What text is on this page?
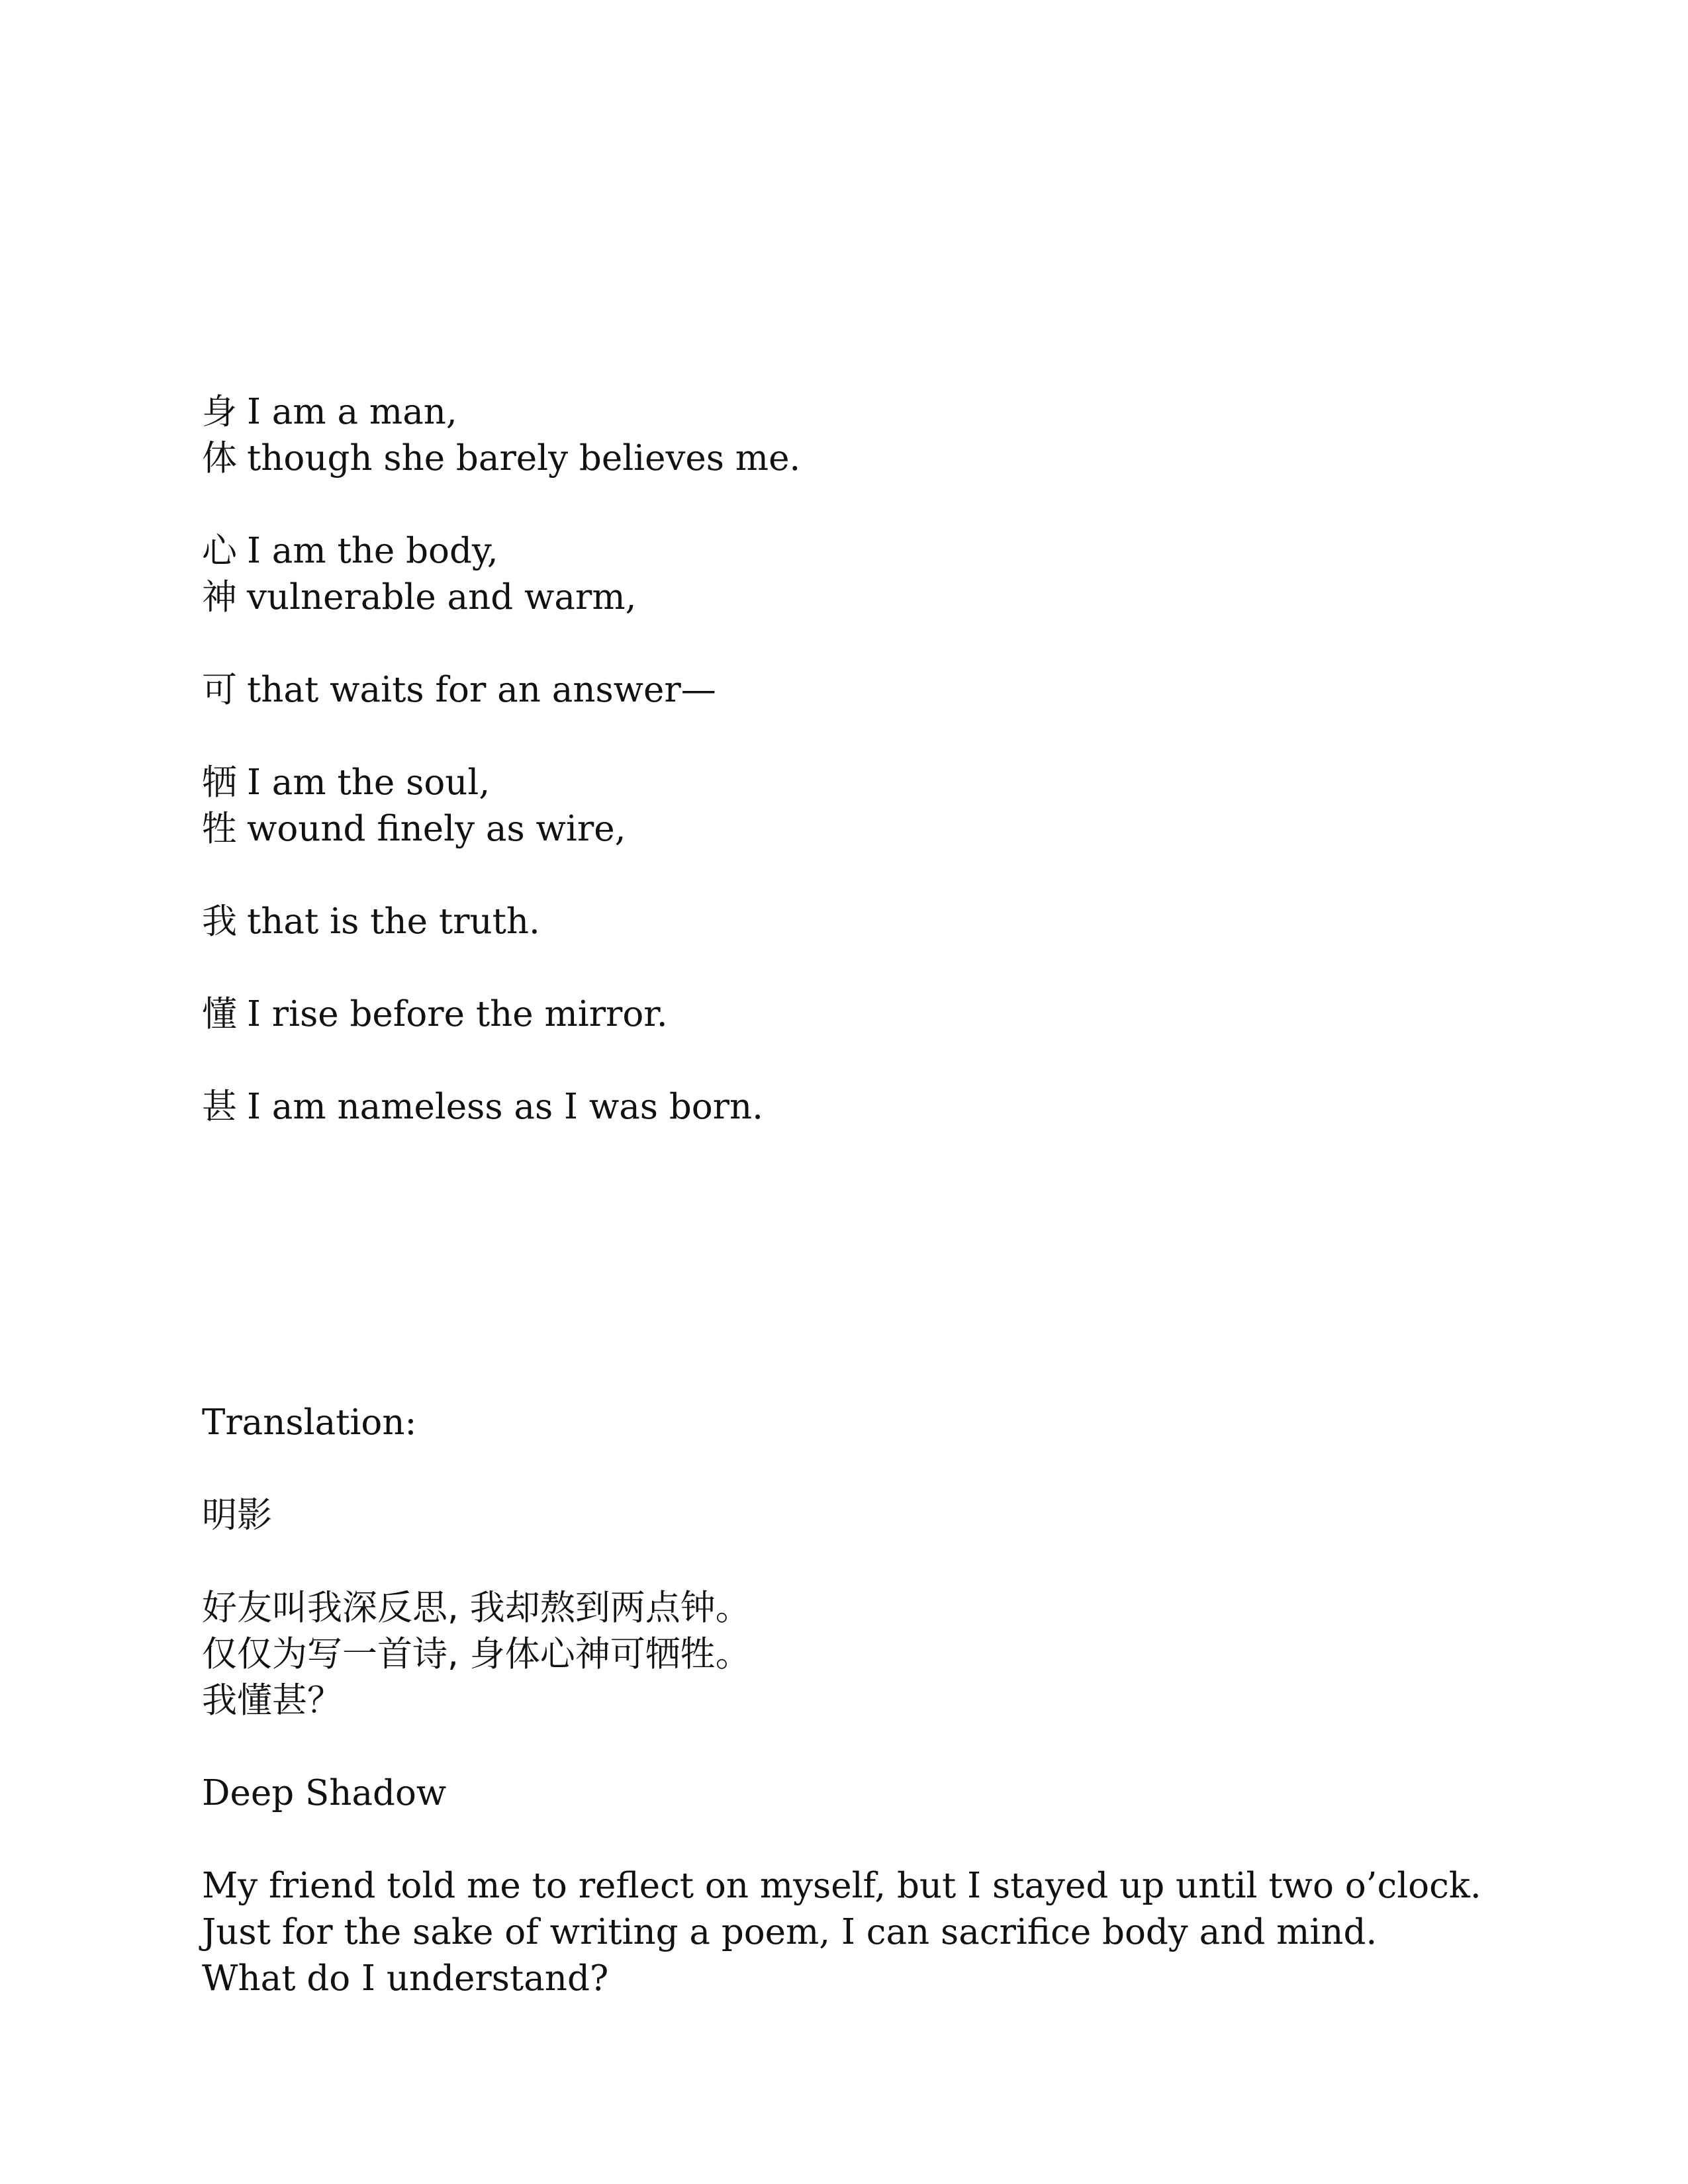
身 I am a man,
体 though she barely believes me.
心 I am the body,
神 vulnerable and warm,
可 that waits for an answer—
牺 I am the soul,
牲 wound finely as wire,
我 that is the truth.
懂 I rise before the mirror.
甚 I am nameless as I was born.
Translation:
明影
好友叫我深反思, 我却熬到两点钟。
仅仅为写一首诗, 身体心神可牺牲。
我懂甚？
Deep Shadow
My friend told me to reflect on myself, but I stayed up until two o’clock.
Just for the sake of writing a poem, I can sacrifice body and mind.
What do I understand?
